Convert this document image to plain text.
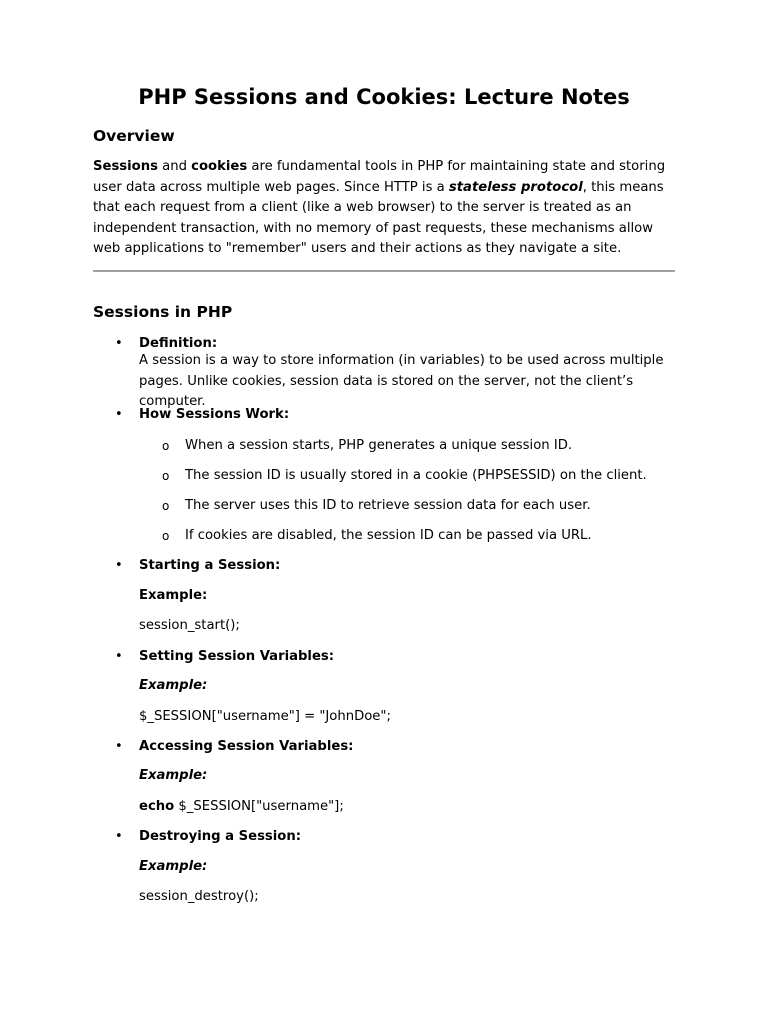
PHP Sessions and Cookies: Lecture Notes
Overview

Sessions and cookies are fundamental tools in PHP for maintaining state and storing user data across multiple web pages. Since HTTP is a stateless protocol, this means that each request from a client (like a web browser) to the server is treated as an independent transaction, with no memory of past requests, these mechanisms allow web applications to "remember" users and their actions as they navigate a site.

Sessions in PHP
• Definition:
A session is a way to store information (in variables) to be used across multiple pages. Unlike cookies, session data is stored on the server, not the client’s computer.
• How Sessions Work:
o When a session starts, PHP generates a unique session ID.
o The session ID is usually stored in a cookie (PHPSESSID) on the client.
o The server uses this ID to retrieve session data for each user.
o If cookies are disabled, the session ID can be passed via URL.
• Starting a Session:
Example:
session_start();
• Setting Session Variables:
Example:
$_SESSION["username"] = "JohnDoe";
• Accessing Session Variables:
Example:
echo $_SESSION["username"];
• Destroying a Session:
Example:
session_destroy();
